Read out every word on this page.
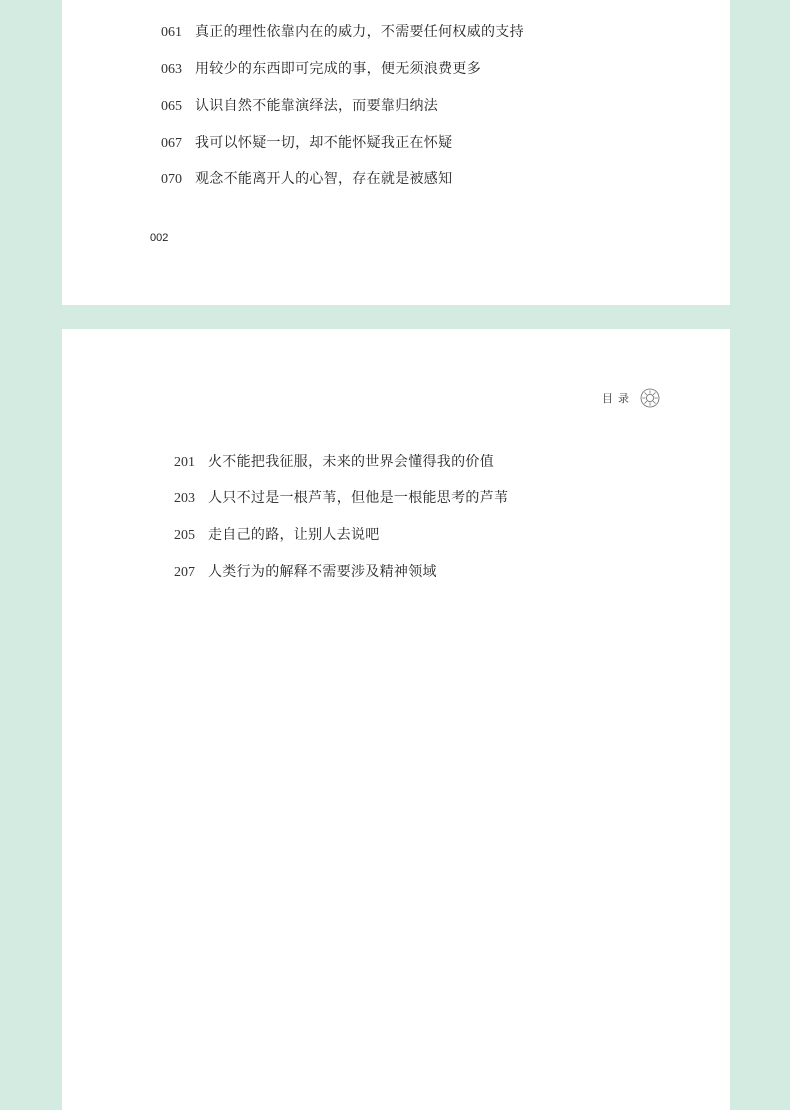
061 真正的理性依靠内在的威力，不需要任何权威的支持
063 用较少的东西即可完成的事，便无须浪费更多
065 认识自然不能靠演绎法，而要靠归纳法
067 我可以怀疑一切，却不能怀疑我正在怀疑
070 观念不能离开人的心智，存在就是被感知
002
目录
201 火不能把我征服，未来的世界会懂得我的价值
203 人只不过是一根芦苇，但他是一根能思考的芦苇
205 走自己的路，让别人去说吧
207 人类行为的解释不需要涉及精神领域
